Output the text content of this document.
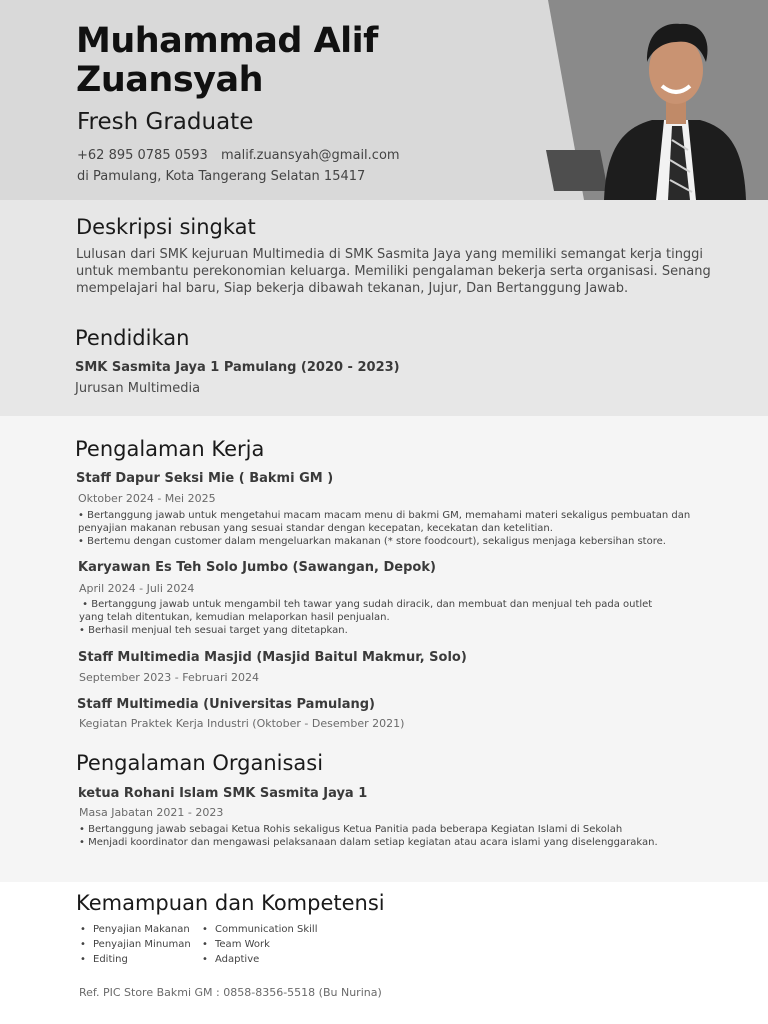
Muhammad Alif
Zuansyah
Fresh Graduate
+62 895 0785 0593 malif.zuansyah@gmail.com
di Pamulang, Kota Tangerang Selatan 15417
Deskripsi singkat
Lulusan dari SMK kejuruan Multimedia di SMK Sasmita Jaya yang memiliki semangat kerja tinggi
untuk membantu perekonomian keluarga. Memiliki pengalaman bekerja serta organisasi. Senang
mempelajari hal baru, Siap bekerja dibawah tekanan, Jujur, Dan Bertanggung Jawab.
Pendidikan
SMK Sasmita Jaya 1 Pamulang (2020 - 2023)
Jurusan Multimedia
Pengalaman Kerja
Staff Dapur Seksi Mie ( Bakmi GM )
Oktober 2024 - Mei 2025
• Bertanggung jawab untuk mengetahui macam macam menu di bakmi GM, memahami materi sekaligus pembuatan dan
penyajian makanan rebusan yang sesuai standar dengan kecepatan, kecekatan dan ketelitian.
• Bertemu dengan customer dalam mengeluarkan makanan (* store foodcourt), sekaligus menjaga kebersihan store.
Karyawan Es Teh Solo Jumbo (Sawangan, Depok)
April 2024 - Juli 2024
• Bertanggung jawab untuk mengambil teh tawar yang sudah diracik, dan membuat dan menjual teh pada outlet
yang telah ditentukan, kemudian melaporkan hasil penjualan.
• Berhasil menjual teh sesuai target yang ditetapkan.
Staff Multimedia Masjid (Masjid Baitul Makmur, Solo)
September 2023 - Februari 2024
Staff Multimedia (Universitas Pamulang)
Kegiatan Praktek Kerja Industri (Oktober - Desember 2021)
Pengalaman Organisasi
ketua Rohani Islam SMK Sasmita Jaya 1
Masa Jabatan 2021 - 2023
• Bertanggung jawab sebagai Ketua Rohis sekaligus Ketua Panitia pada beberapa Kegiatan Islami di Sekolah
• Menjadi koordinator dan mengawasi pelaksanaan dalam setiap kegiatan atau acara islami yang diselenggarakan.
Kemampuan dan Kompetensi
• Penyajian Makanan
• Penyajian Minuman
• Editing
• Communication Skill
• Team Work
• Adaptive
Ref. PIC Store Bakmi GM : 0858-8356-5518 (Bu Nurina)
